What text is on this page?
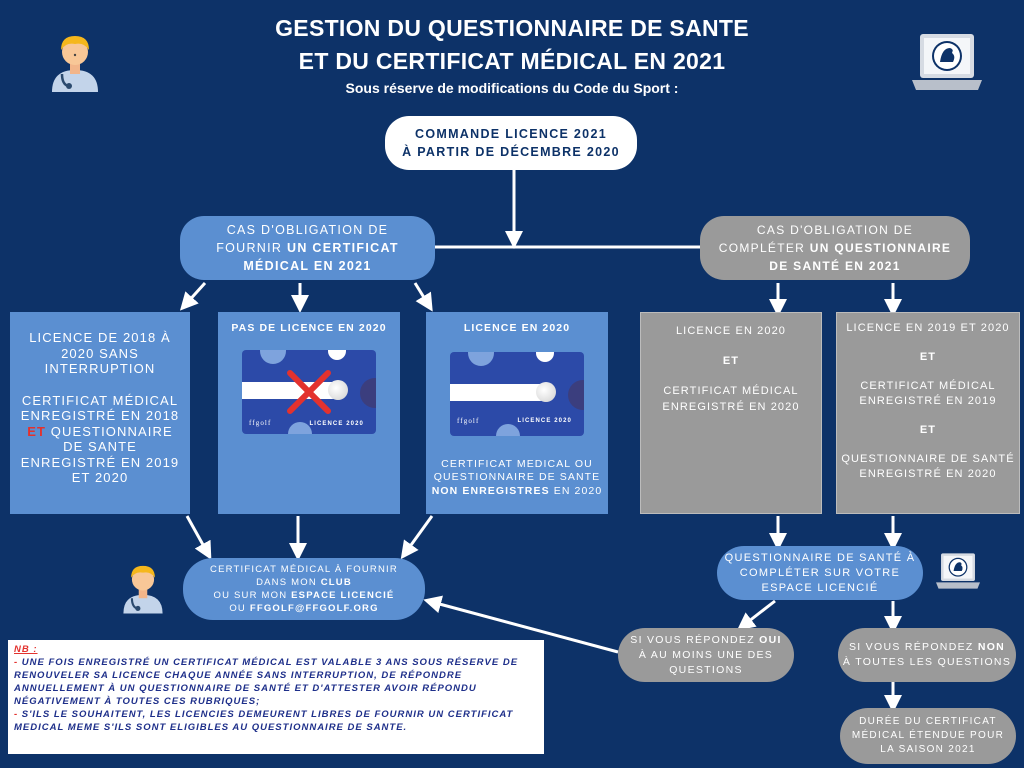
GESTION DU QUESTIONNAIRE DE SANTE
ET DU CERTIFICAT MÉDICAL EN 2021
Sous réserve de modifications du Code du Sport :
COMMANDE LICENCE 2021
À PARTIR DE DÉCEMBRE 2020
CAS D'OBLIGATION DE
FOURNIR UN CERTIFICAT
MÉDICAL EN 2021
CAS D'OBLIGATION DE
COMPLÉTER UN QUESTIONNAIRE
DE SANTÉ EN 2021
LICENCE DE 2018 À
2020 SANS
INTERRUPTION
CERTIFICAT MÉDICAL
ENREGISTRÉ EN 2018
ET QUESTIONNAIRE
DE SANTE
ENREGISTRÉ EN 2019
ET 2020
PAS DE LICENCE EN 2020
ffgolf	LICENCE 2020
LICENCE EN 2020
ffgolf	LICENCE 2020
CERTIFICAT MEDICAL OU
QUESTIONNAIRE DE SANTE
NON ENREGISTRES EN 2020
LICENCE EN 2020
ET
CERTIFICAT MÉDICAL
ENREGISTRÉ EN 2020
LICENCE EN 2019 ET 2020
ET
CERTIFICAT MÉDICAL
ENREGISTRÉ EN 2019
ET
QUESTIONNAIRE DE SANTÉ
ENREGISTRÉ EN 2020
CERTIFICAT MÉDICAL À FOURNIR
DANS MON CLUB
OU SUR MON ESPACE LICENCIÉ
OU FFGOLF@FFGOLF.ORG
QUESTIONNAIRE DE SANTÉ À
COMPLÉTER SUR VOTRE
ESPACE LICENCIÉ
SI VOUS RÉPONDEZ OUI
À AU MOINS UNE DES
QUESTIONS
SI VOUS RÉPONDEZ NON
À TOUTES LES QUESTIONS
DURÉE DU CERTIFICAT
MÉDICAL ÉTENDUE POUR
LA SAISON 2021
NB :
- UNE FOIS ENREGISTRÉ UN CERTIFICAT MÉDICAL EST VALABLE 3 ANS SOUS RÉSERVE DE RENOUVELER SA LICENCE CHAQUE ANNÉE SANS INTERRUPTION, DE RÉPONDRE ANNUELLEMENT À UN QUESTIONNAIRE DE SANTÉ ET D'ATTESTER AVOIR RÉPONDU NÉGATIVEMENT À TOUTES CES RUBRIQUES;
- S'ILS LE SOUHAITENT, LES LICENCIES DEMEURENT LIBRES DE FOURNIR UN CERTIFICAT MEDICAL MEME S'ILS SONT ELIGIBLES AU QUESTIONNAIRE DE SANTE.
